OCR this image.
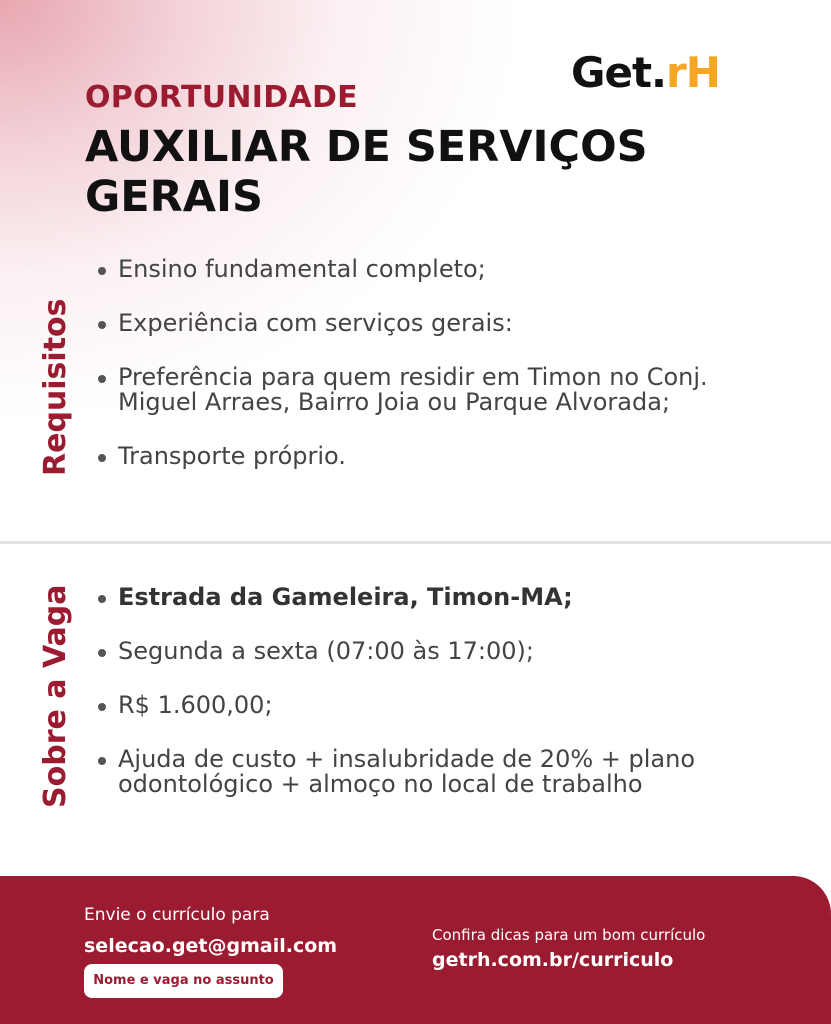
Get.rH
OPORTUNIDADE
AUXILIAR DE SERVIÇOS GERAIS
Requisitos
Ensino fundamental completo;
Experiência com serviços gerais:
Preferência para quem residir em Timon no Conj. Miguel Arraes, Bairro Joia ou Parque Alvorada;
Transporte próprio.
Sobre a Vaga	Estrada da Gameleira, Timon-MA;
Segunda a sexta (07:00 às 17:00);
R$ 1.600,00;
Ajuda de custo + insalubridade de 20% + plano odontológico + almoço no local de trabalho
Envie o currículo para
selecao.get@gmail.com
Nome e vaga no assunto
Confira dicas para um bom currículo
getrh.com.br/curriculo
